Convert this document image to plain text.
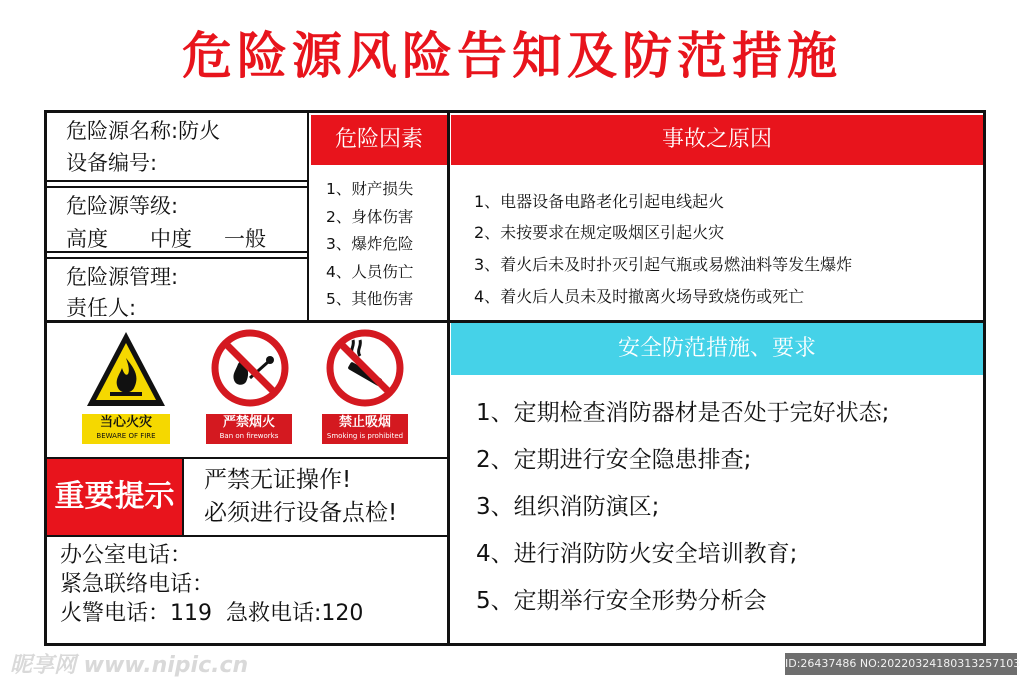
危险源风险告知及防范措施
危险源名称:防火
设备编号:
危险源等级:
高度 中度 一般
危险源管理:
责任人:
危险因素
1、财产损失
2、身体伤害
3、爆炸危险
4、人员伤亡
5、其他伤害
事故之原因
1、电器设备电路老化引起电线起火
2、未按要求在规定吸烟区引起火灾
3、着火后未及时扑灭引起气瓶或易燃油料等发生爆炸
4、着火后人员未及时撤离火场导致烧伤或死亡
当心火灾
BEWARE OF FIRE
严禁烟火
Ban on fireworks
禁止吸烟
Smoking is prohibited
重要提示	严禁无证操作!
必须进行设备点检!
办公室电话：
紧急联络电话：
火警电话：119  急救电话:120
安全防范措施、要求
1、定期检查消防器材是否处于完好状态;
2、定期进行安全隐患排查;
3、组织消防演区;
4、进行消防防火安全培训教育;
5、定期举行安全形势分析会
昵享网 www.nipic.cn	ID:26437486 NO:20220324180313257103
